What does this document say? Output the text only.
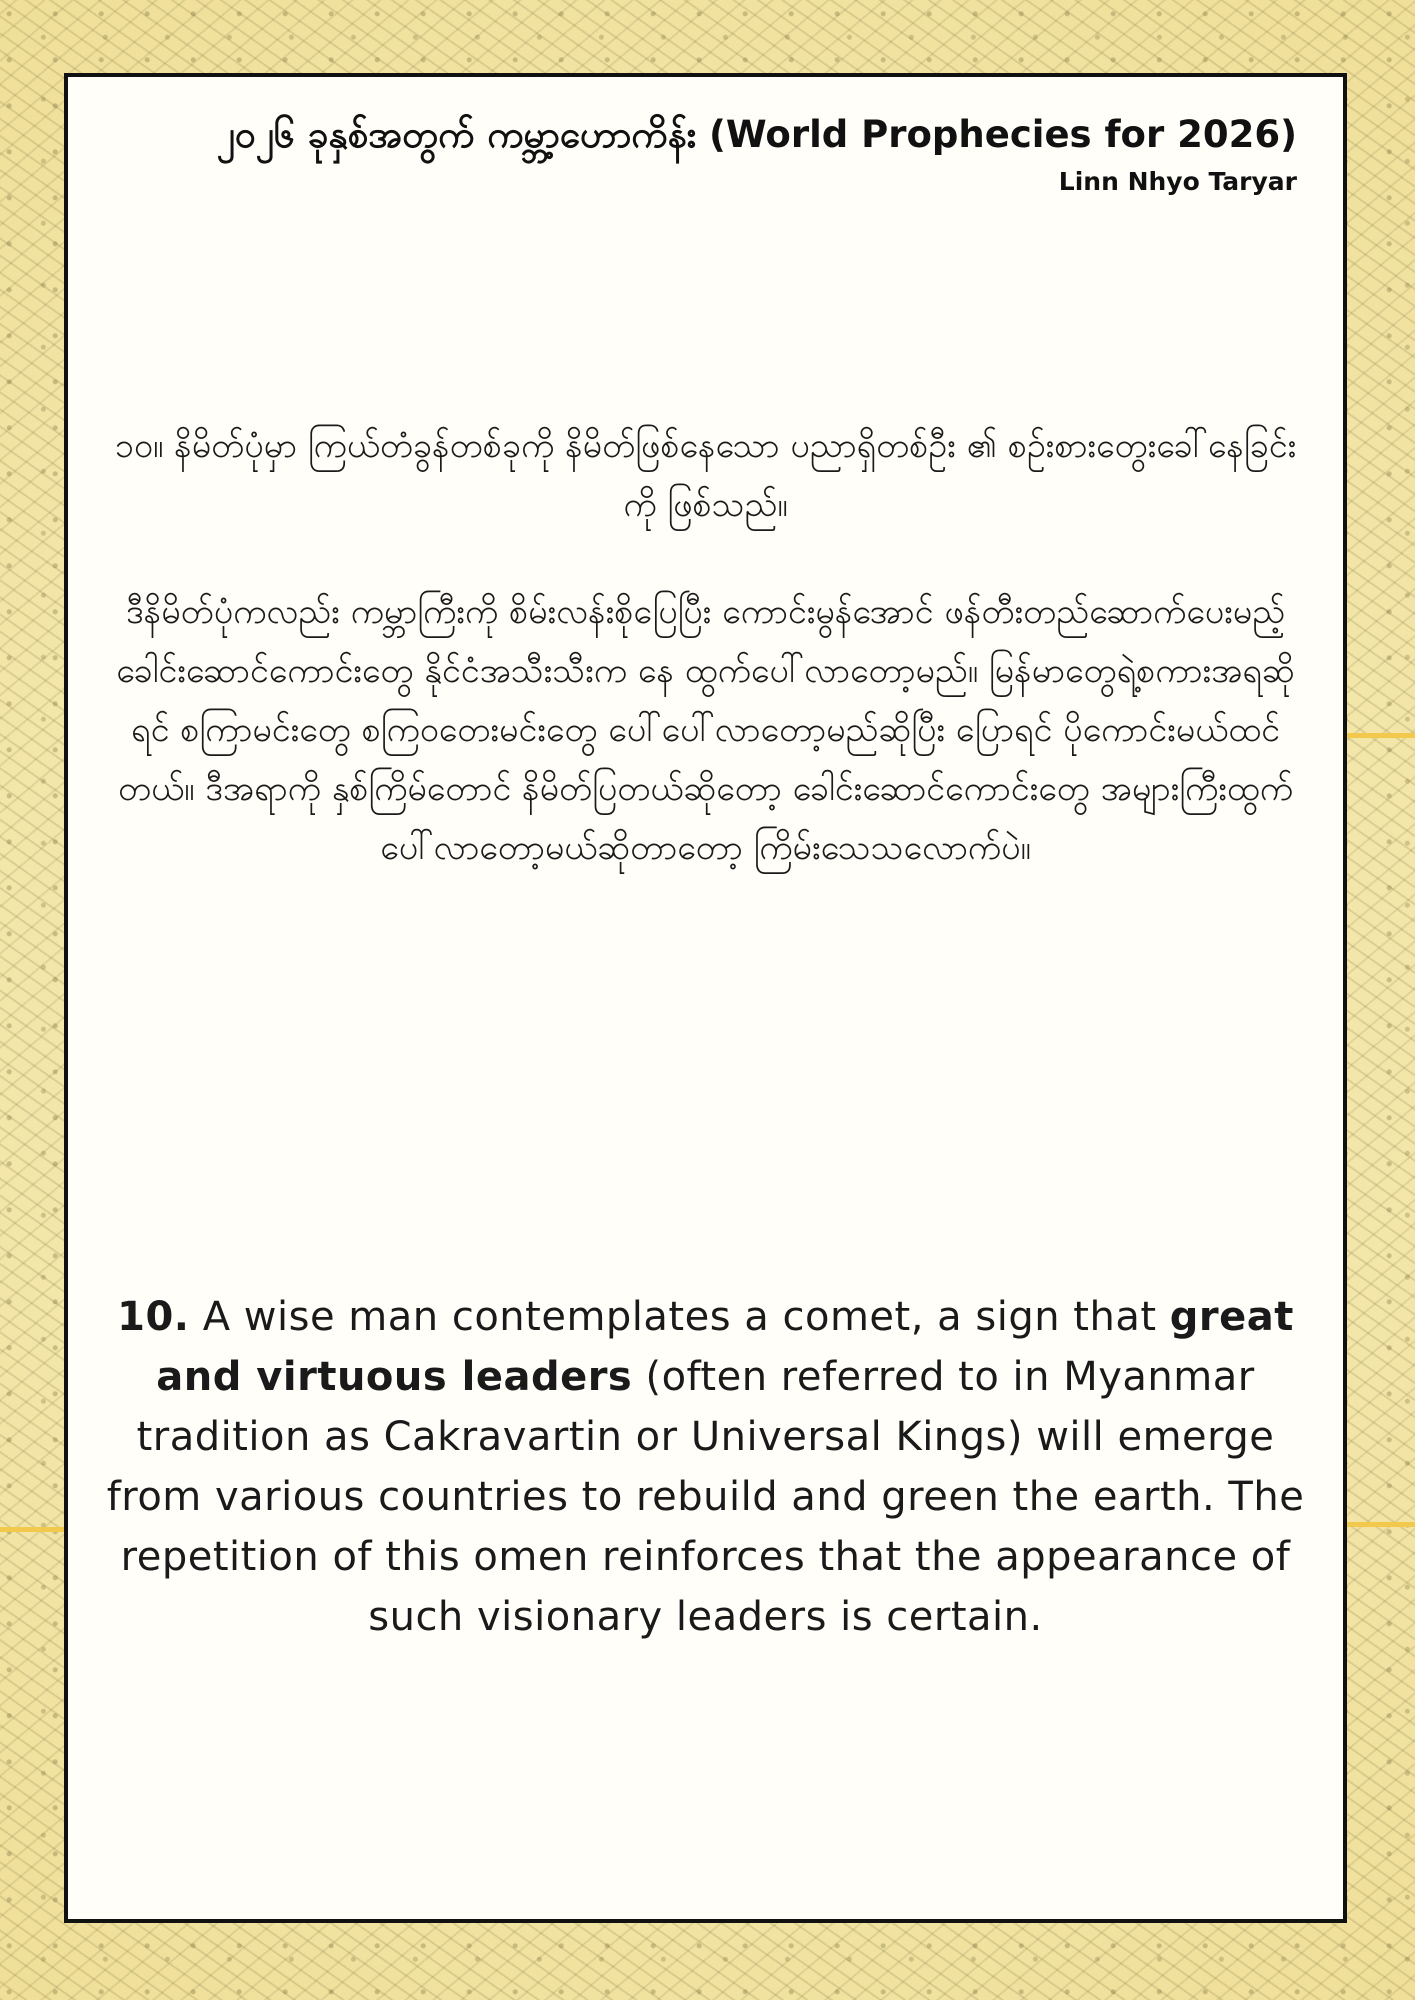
၂၀၂၆ ခုနှစ်အတွက် ကမ္ဘာ့ဟောကိန်း (World Prophecies for 2026)
Linn Nhyo Taryar

၁၀။ နိမိတ်ပုံမှာ ကြယ်တံခွန်တစ်ခုကို နိမိတ်ဖြစ်နေသော ပညာရှိတစ်ဦး ၏ စဉ်းစားတွေးခေါ်နေခြင်းကို ဖြစ်သည်။

ဒီနိမိတ်ပုံကလည်း ကမ္ဘာကြီးကို စိမ်းလန်းစိုပြေပြီး ကောင်းမွန်အောင် ဖန်တီးတည်ဆောက်ပေးမည့် ခေါင်းဆောင်ကောင်းတွေ နိုင်ငံအသီးသီးက နေ ထွက်ပေါ်လာတော့မည်။ မြန်မာတွေရဲ့စကားအရဆိုရင် စကြာမင်းတွေ စကြဝတေးမင်းတွေ ပေါ်ပေါ်လာတော့မည်ဆိုပြီး ပြောရင် ပိုကောင်းမယ်ထင်တယ်။ ဒီအရာကို နှစ်ကြိမ်တောင် နိမိတ်ပြတယ်ဆိုတော့ ခေါင်းဆောင်ကောင်းတွေ အများကြီးထွက်ပေါ်လာတော့မယ်ဆိုတာတော့ ကြိမ်းသေသလောက်ပဲ။

10. A wise man contemplates a comet, a sign that great and virtuous leaders (often referred to in Myanmar tradition as Cakravartin or Universal Kings) will emerge from various countries to rebuild and green the earth. The repetition of this omen reinforces that the appearance of such visionary leaders is certain.
